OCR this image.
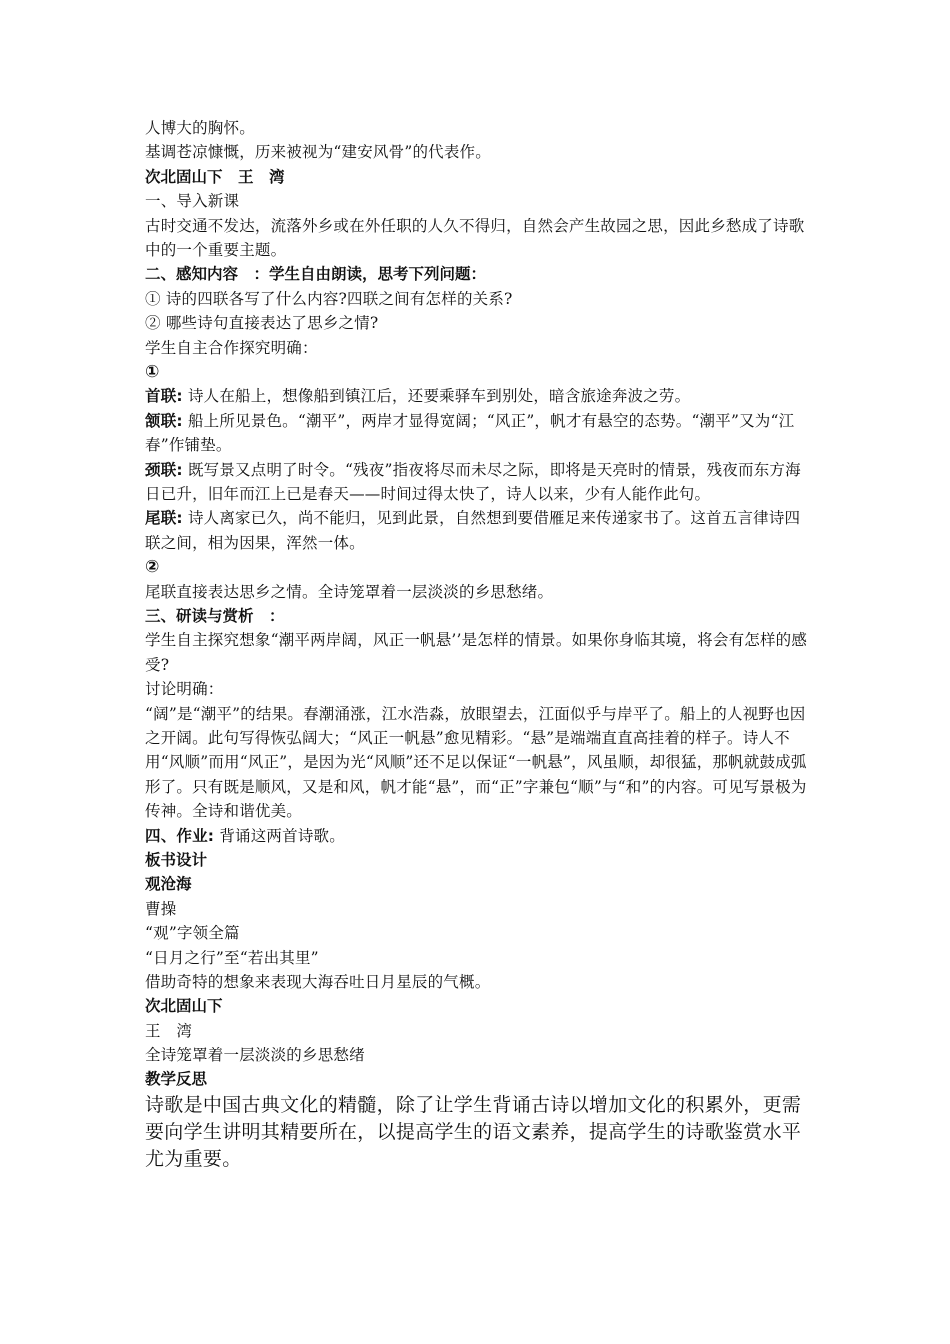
人博大的胸怀。
基调苍凉慷慨，历来被视为“建安风骨”的代表作。
次北固山下　王　湾
一、导入新课
古时交通不发达，流落外乡或在外任职的人久不得归，自然会产生故园之思，因此乡愁成了诗歌中的一个重要主题。
二、感知内容　：学生自由朗读，思考下列问题：
① 诗的四联各写了什么内容?四联之间有怎样的关系?
② 哪些诗句直接表达了思乡之情?
学生自主合作探究明确：
①
首联: 诗人在船上，想像船到镇江后，还要乘驿车到别处，暗含旅途奔波之劳。
颔联: 船上所见景色。“潮平”，两岸才显得宽阔；“风正”，帆才有悬空的态势。“潮平”又为“江春”作铺垫。
颈联: 既写景又点明了时令。“残夜”指夜将尽而未尽之际，即将是天亮时的情景，残夜而东方海日已升，旧年而江上已是春天——时间过得太快了，诗人以来，少有人能作此句。
尾联: 诗人离家已久，尚不能归，见到此景，自然想到要借雁足来传递家书了。这首五言律诗四联之间，相为因果，浑然一体。
②
尾联直接表达思乡之情。全诗笼罩着一层淡淡的乡思愁绪。
三、研读与赏析　：
学生自主探究想象“潮平两岸阔，风正一帆悬’’是怎样的情景。如果你身临其境，将会有怎样的感受?
讨论明确：
“阔”是“潮平”的结果。春潮涌涨，江水浩淼，放眼望去，江面似乎与岸平了。船上的人视野也因之开阔。此句写得恢弘阔大；“风正一帆悬”愈见精彩。“悬”是端端直直高挂着的样子。诗人不用“风顺”而用“风正”，是因为光“风顺”还不足以保证“一帆悬”，风虽顺，却很猛，那帆就鼓成弧形了。只有既是顺风，又是和风，帆才能“悬”，而“正”字兼包“顺”与“和”的内容。可见写景极为传神。全诗和谐优美。
四、作业: 背诵这两首诗歌。
板书设计
观沧海
曹操
“观”字领全篇
“日月之行”至“若出其里”
借助奇特的想象来表现大海吞吐日月星辰的气概。
次北固山下
王　湾
全诗笼罩着一层淡淡的乡思愁绪
教学反思
诗歌是中国古典文化的精髓，除了让学生背诵古诗以增加文化的积累外，更需要向学生讲明其精要所在，以提高学生的语文素养，提高学生的诗歌鉴赏水平尤为重要。
